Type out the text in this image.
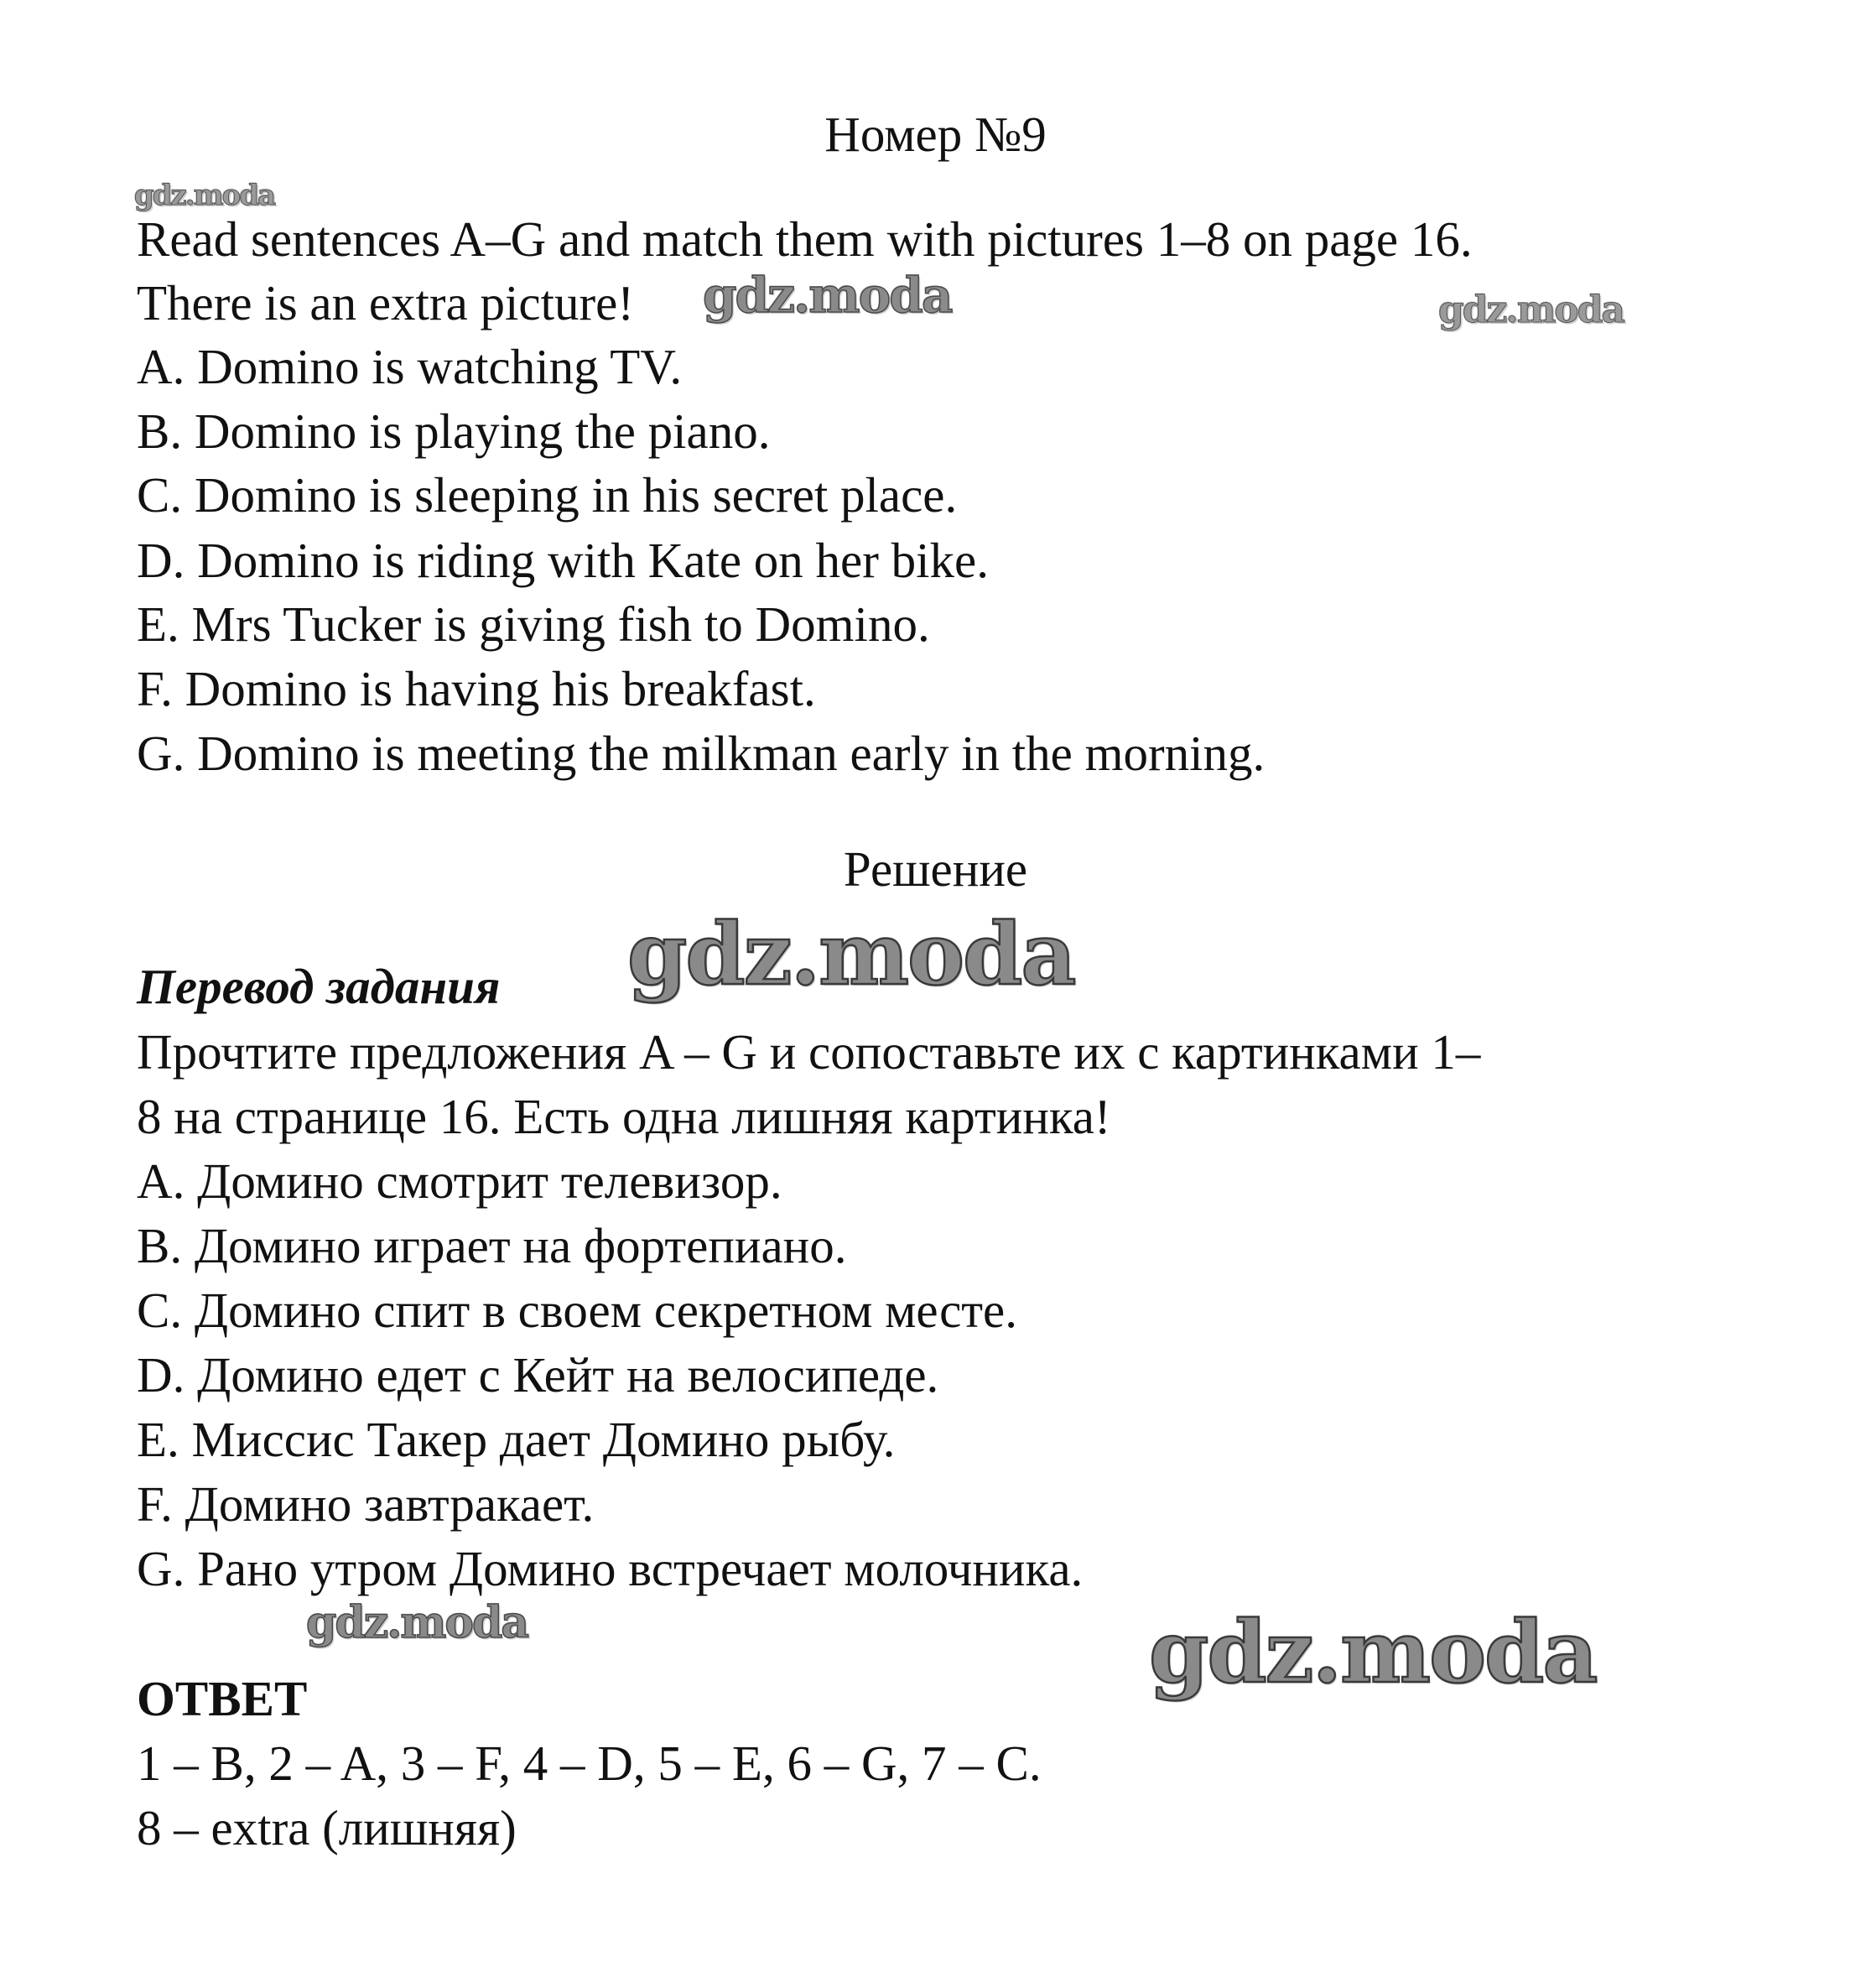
Номер №9
Read sentences A–G and match them with pictures 1–8 on page 16.
There is an extra picture!
A. Domino is watching TV.
B. Domino is playing the piano.
C. Domino is sleeping in his secret place.
D. Domino is riding with Kate on her bike.
E. Mrs Tucker is giving fish to Domino.
F. Domino is having his breakfast.
G. Domino is meeting the milkman early in the morning.
Решение
Перевод задания
Прочтите предложения A – G и сопоставьте их с картинками 1–
8 на странице 16. Есть одна лишняя картинка!
A. Домино смотрит телевизор.
B. Домино играет на фортепиано.
C. Домино спит в своем секретном месте.
D. Домино едет с Кейт на велосипеде.
E. Миссис Такер дает Домино рыбу.
F. Домино завтракает.
G. Рано утром Домино встречает молочника.
ОТВЕТ
1 – B, 2 – A, 3 – F, 4 – D, 5 – E, 6 – G, 7 – C.
8 – extra (лишняя)
gdz.moda
gdz.moda	gdz.moda
gdz.moda
gdz.moda	gdz.moda
